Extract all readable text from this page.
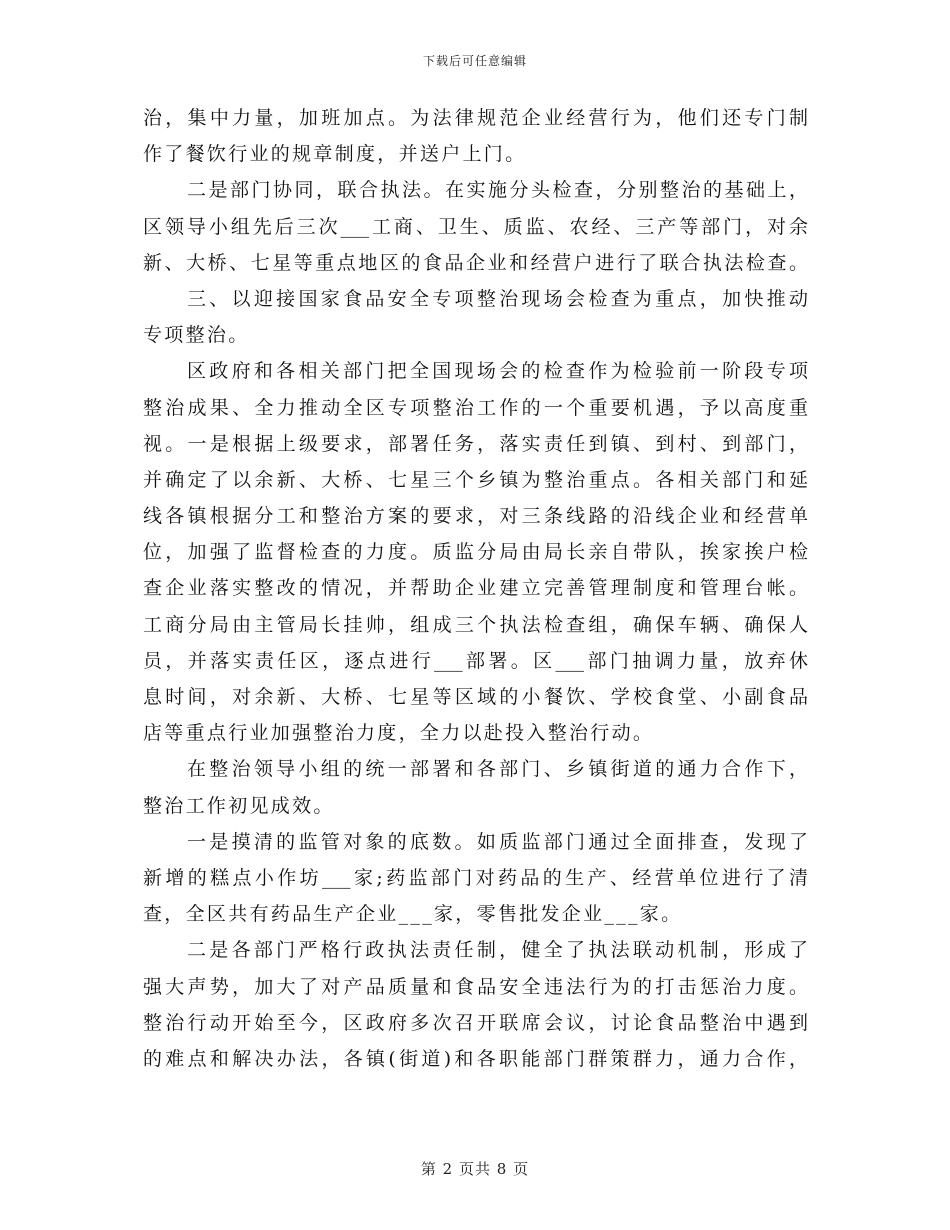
下载后可任意编辑
治，集中力量，加班加点。为法律规范企业经营行为，他们还专门制
作了餐饮行业的规章制度，并送户上门。
二是部门协同，联合执法。在实施分头检查，分别整治的基础上，
区领导小组先后三次___工商、卫生、质监、农经、三产等部门，对余
新、大桥、七星等重点地区的食品企业和经营户进行了联合执法检查。
三、以迎接国家食品安全专项整治现场会检查为重点，加快推动
专项整治。
区政府和各相关部门把全国现场会的检查作为检验前一阶段专项
整治成果、全力推动全区专项整治工作的一个重要机遇，予以高度重
视。一是根据上级要求，部署任务，落实责任到镇、到村、到部门，
并确定了以余新、大桥、七星三个乡镇为整治重点。各相关部门和延
线各镇根据分工和整治方案的要求，对三条线路的沿线企业和经营单
位，加强了监督检查的力度。质监分局由局长亲自带队，挨家挨户检
查企业落实整改的情况，并帮助企业建立完善管理制度和管理台帐。
工商分局由主管局长挂帅，组成三个执法检查组，确保车辆、确保人
员，并落实责任区，逐点进行___部署。区___部门抽调力量，放弃休
息时间，对余新、大桥、七星等区域的小餐饮、学校食堂、小副食品
店等重点行业加强整治力度，全力以赴投入整治行动。
在整治领导小组的统一部署和各部门、乡镇街道的通力合作下，
整治工作初见成效。
一是摸清的监管对象的底数。如质监部门通过全面排查，发现了
新增的糕点小作坊___家;药监部门对药品的生产、经营单位进行了清
查，全区共有药品生产企业___家，零售批发企业___家。
二是各部门严格行政执法责任制，健全了执法联动机制，形成了
强大声势，加大了对产品质量和食品安全违法行为的打击惩治力度。
整治行动开始至今，区政府多次召开联席会议，讨论食品整治中遇到
的难点和解决办法，各镇(街道)和各职能部门群策群力，通力合作，
第 2 页共 8 页
